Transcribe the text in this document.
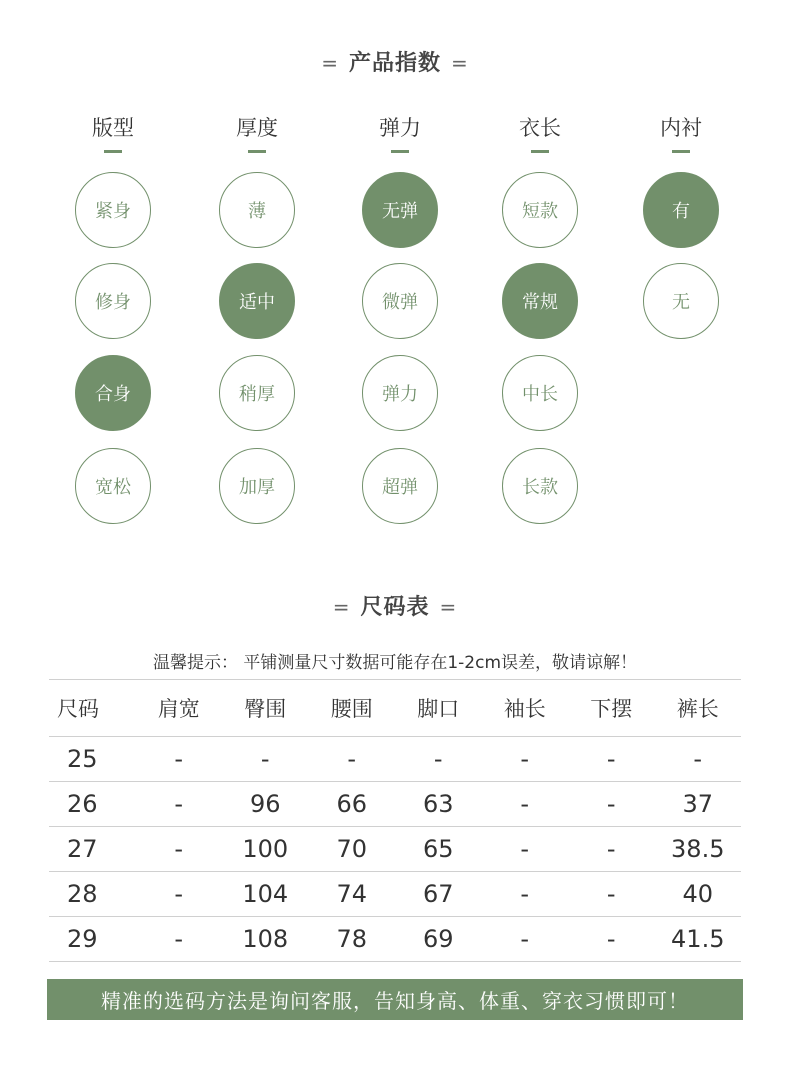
= 产品指数 =
版型
紧身
修身
合身
宽松
厚度
薄
适中
稍厚
加厚
弹力
无弹
微弹
弹力
超弹
衣长
短款
常规
中长
长款
内衬
有
无
= 尺码表 =
温馨提示： 平铺测量尺寸数据可能存在1-2cm误差，敬请谅解！
尺码	肩宽	臀围	腰围	脚口	袖长	下摆	裤长
25	-	-	-	-	-	-	-
26	-	96	66	63	-	-	37
27	-	100	70	65	-	-	38.5
28	-	104	74	67	-	-	40
29	-	108	78	69	-	-	41.5
精准的选码方法是询问客服，告知身高、体重、穿衣习惯即可！
